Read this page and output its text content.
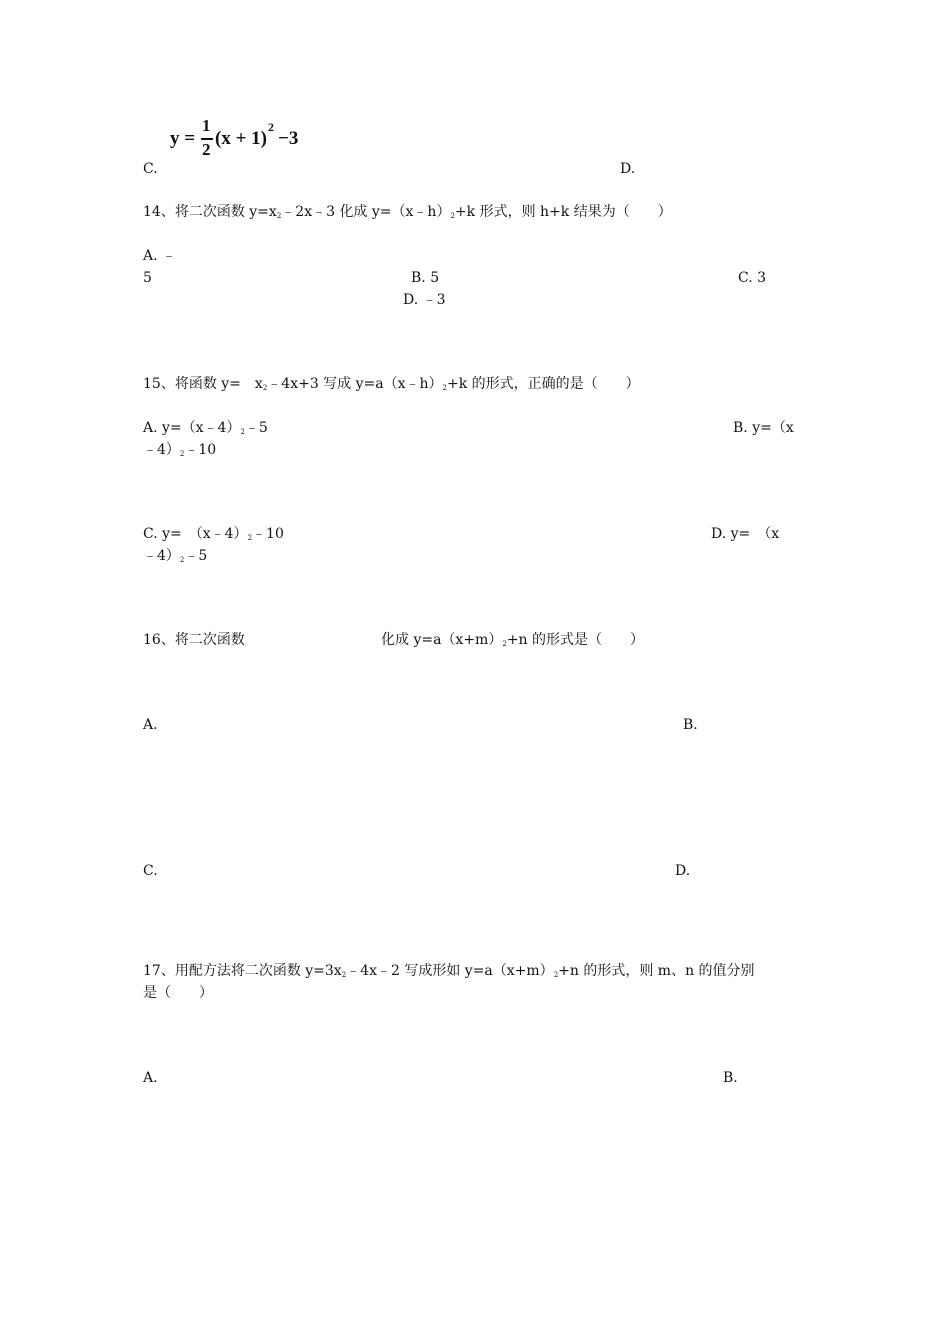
y =
1
2
(x + 1)
2
−3
C.	D.
14、将二次函数 $y=x_2﹣2x﹣3$ 化成 $y=(x﹣h)_2+k$ 形式，则 h+k 结果为（　　）
A. ﹣
5	B. 5	C. 3
D. ﹣3
15、将函数 y=　$x_2﹣4x+3$ 写成 $y=a(x﹣h)_2+k$ 的形式，正确的是（　　）
A. $y=(x﹣4)_2﹣5$	B. y=（x
$﹣4)_2﹣10$
C. y=　$(x﹣4)_2﹣10$	D. y=　（x
$﹣4)_2﹣5$
16、将二次函数	化成 $y=a(x+m)_2+n$ 的形式是（　　）
A.	B.
C.	D.
17、用配方法将二次函数 $y=3x_2﹣4x﹣2$ 写成形如 $y=a(x+m)_2+n$ 的形式，则 m、n 的值分别
是（　　）
A.	B.
